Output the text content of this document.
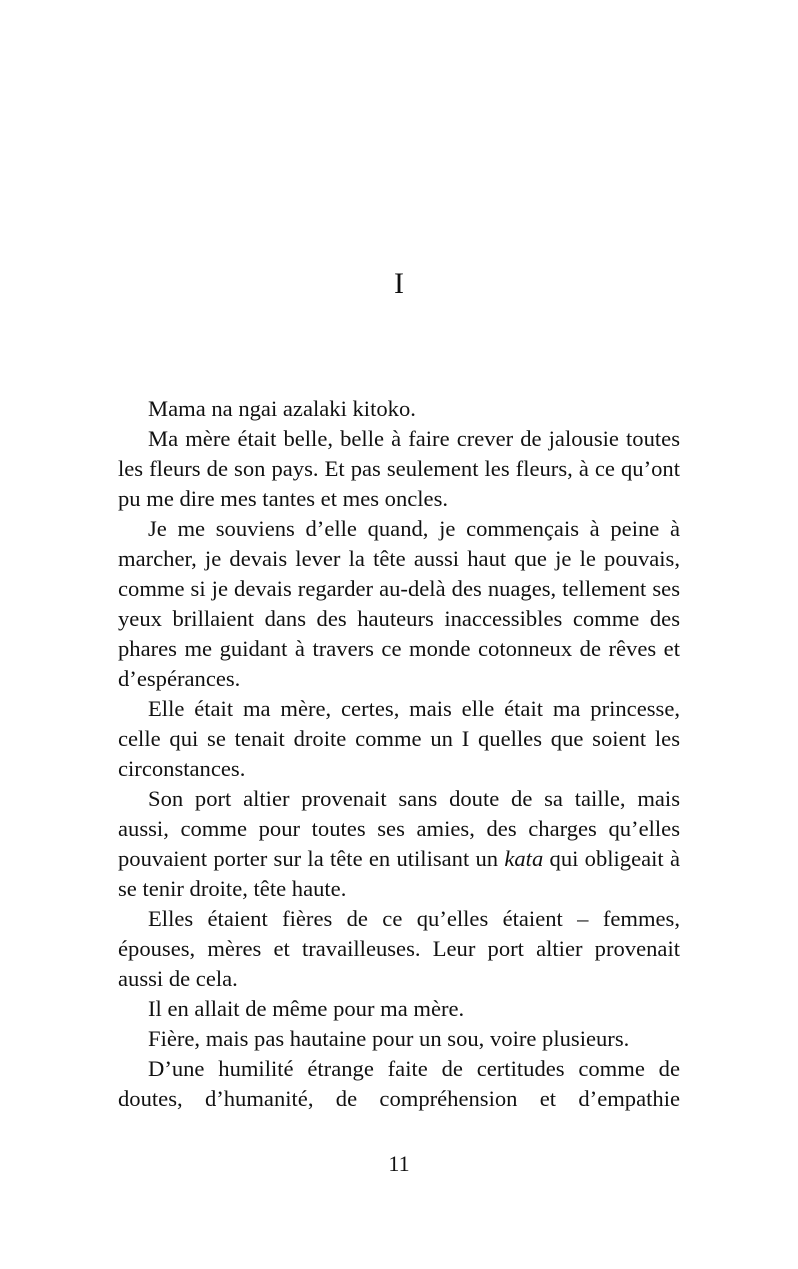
I

Mama na ngai azalaki kitoko.

Ma mère était belle, belle à faire crever de jalousie toutes les fleurs de son pays. Et pas seulement les fleurs, à ce qu’ont pu me dire mes tantes et mes oncles.

Je me souviens d’elle quand, je commençais à peine à marcher, je devais lever la tête aussi haut que je le pouvais, comme si je devais regarder au-delà des nuages, tellement ses yeux brillaient dans des hauteurs inaccessibles comme des phares me guidant à travers ce monde cotonneux de rêves et d’espérances.

Elle était ma mère, certes, mais elle était ma princesse, celle qui se tenait droite comme un I quelles que soient les circonstances.

Son port altier provenait sans doute de sa taille, mais aussi, comme pour toutes ses amies, des charges qu’elles pouvaient porter sur la tête en utilisant un kata qui obligeait à se tenir droite, tête haute.

Elles étaient fières de ce qu’elles étaient – femmes, épouses, mères et travailleuses. Leur port altier provenait aussi de cela.

Il en allait de même pour ma mère.

Fière, mais pas hautaine pour un sou, voire plusieurs.

D’une humilité étrange faite de certitudes comme de doutes, d’humanité, de compréhension et d’empathie

11
